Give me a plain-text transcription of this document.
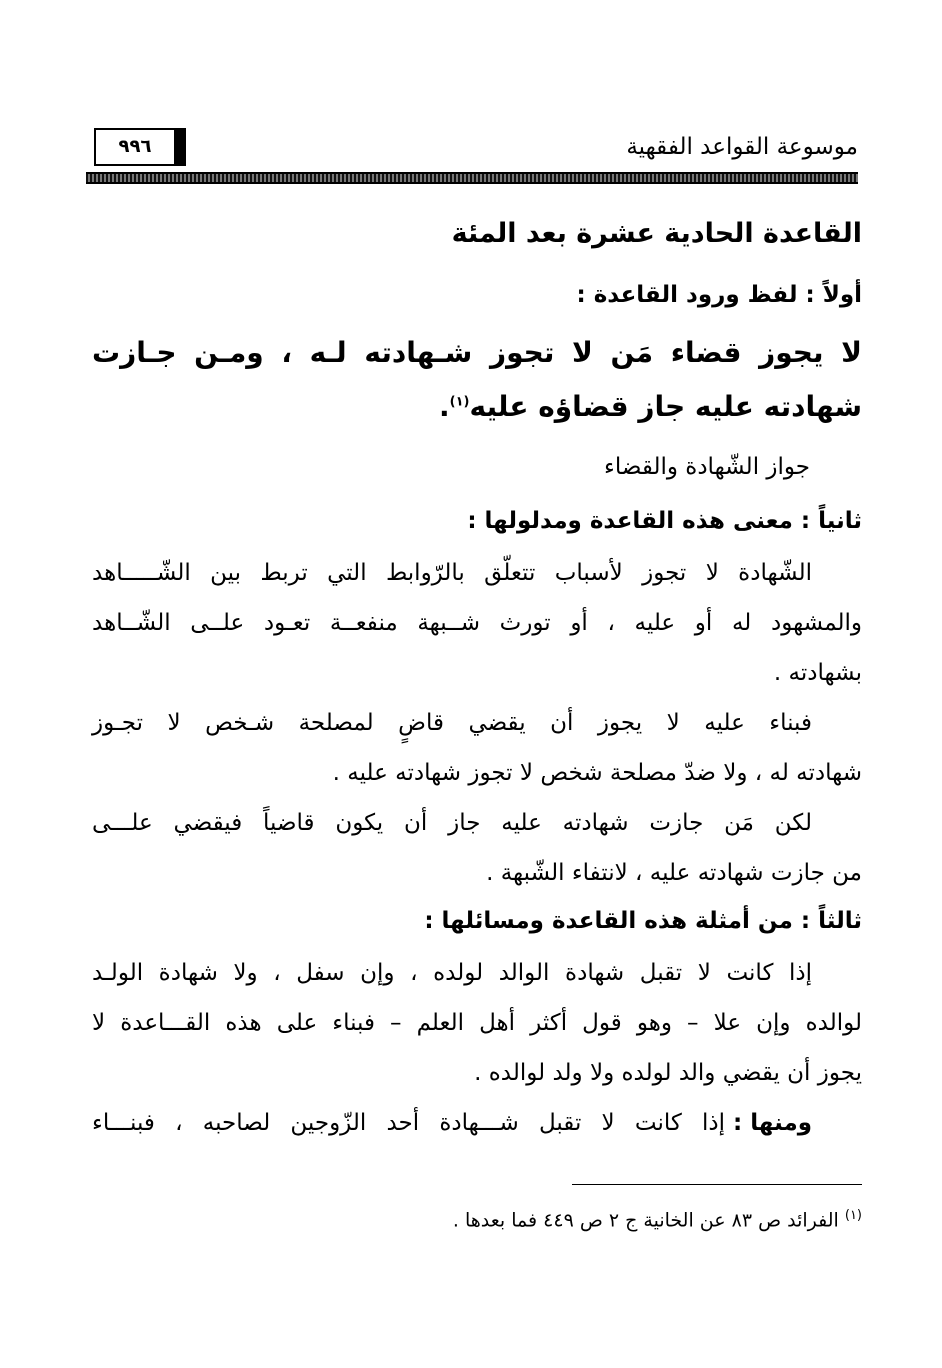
موسوعة القواعد الفقهية
٩٩٦
القاعدة الحادية عشرة بعد المئة
أولاً : لفظ ورود القاعدة :
لا يجوز قضاء مَن لا تجوز شـهادته لـه ، ومـن جـازت
شهادته عليه جاز قضاؤه عليه$^{(١)}$.
جواز الشّهادة والقضاء
ثانياً : معنى هذه القاعدة ومدلولها :
الشّهادة لا تجوز لأسباب تتعلّق بالرّوابط التي تربط بين الشّـــــاهد
والمشهود له أو عليه ، أو تورث شــبهة منفعــة تعـود علــى الشّــاهد
بشهادته .
فبناء عليه لا يجوز أن يقضي قاضٍ لمصلحة شـخص لا تجـوز
شهادته له ، ولا ضدّ مصلحة شخص لا تجوز شهادته عليه .
لكن مَن جازت شهادته عليه جاز أن يكون قاضياً فيقضي علـــى
من جازت شهادته عليه ، لانتفاء الشّبهة .
ثالثاً : من أمثلة هذه القاعدة ومسائلها :
إذا كانت لا تقبل شهادة الوالد لولده ، وإن سفل ، ولا شهادة الولـد
لوالده وإن علا – وهو قول أكثر أهل العلم – فبناء على هذه القـــاعدة لا
يجوز أن يقضي والد لولده ولا ولد لوالده .
ومنها :
إذا كانت لا تقبل شـــهادة أحد الزّوجين لصاحبه ، فبنـــاء
$^{(١)}$ الفرائد ص ٨٣ عن الخانية ج ٢ ص ٤٤٩ فما بعدها .
